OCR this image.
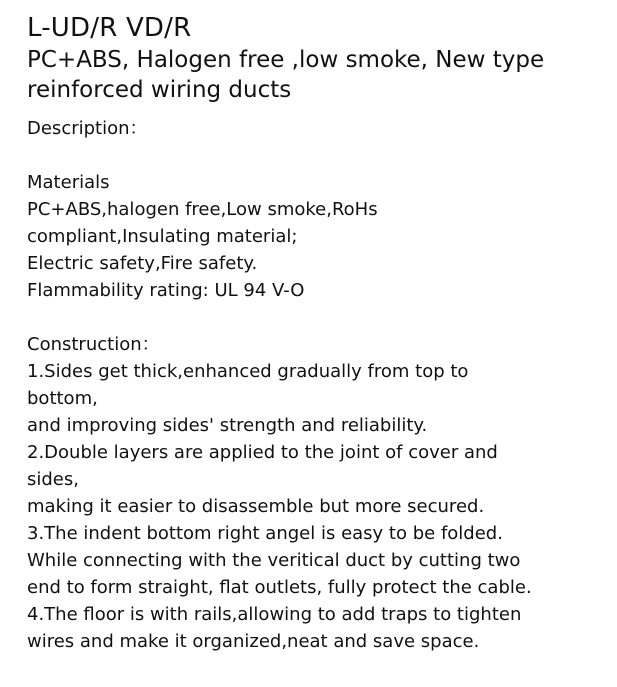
L-UD/R VD/R
PC+ABS, Halogen free ,low smoke, New type
reinforced wiring ducts
Description：
Materials
PC+ABS,halogen free,Low smoke,RoHs
compliant,Insulating material;
Electric safety,Fire safety.
Flammability rating: UL 94 V-O
Construction：
1.Sides get thick,enhanced gradually from top to
bottom,
and improving sides' strength and reliability.
2.Double layers are applied to the joint of cover and
sides,
making it easier to disassemble but more secured.
3.The indent bottom right angel is easy to be folded.
While connecting with the veritical duct by cutting two
end to form straight, flat outlets, fully protect the cable.
4.The floor is with rails,allowing to add traps to tighten
wires and make it organized,neat and save space.
